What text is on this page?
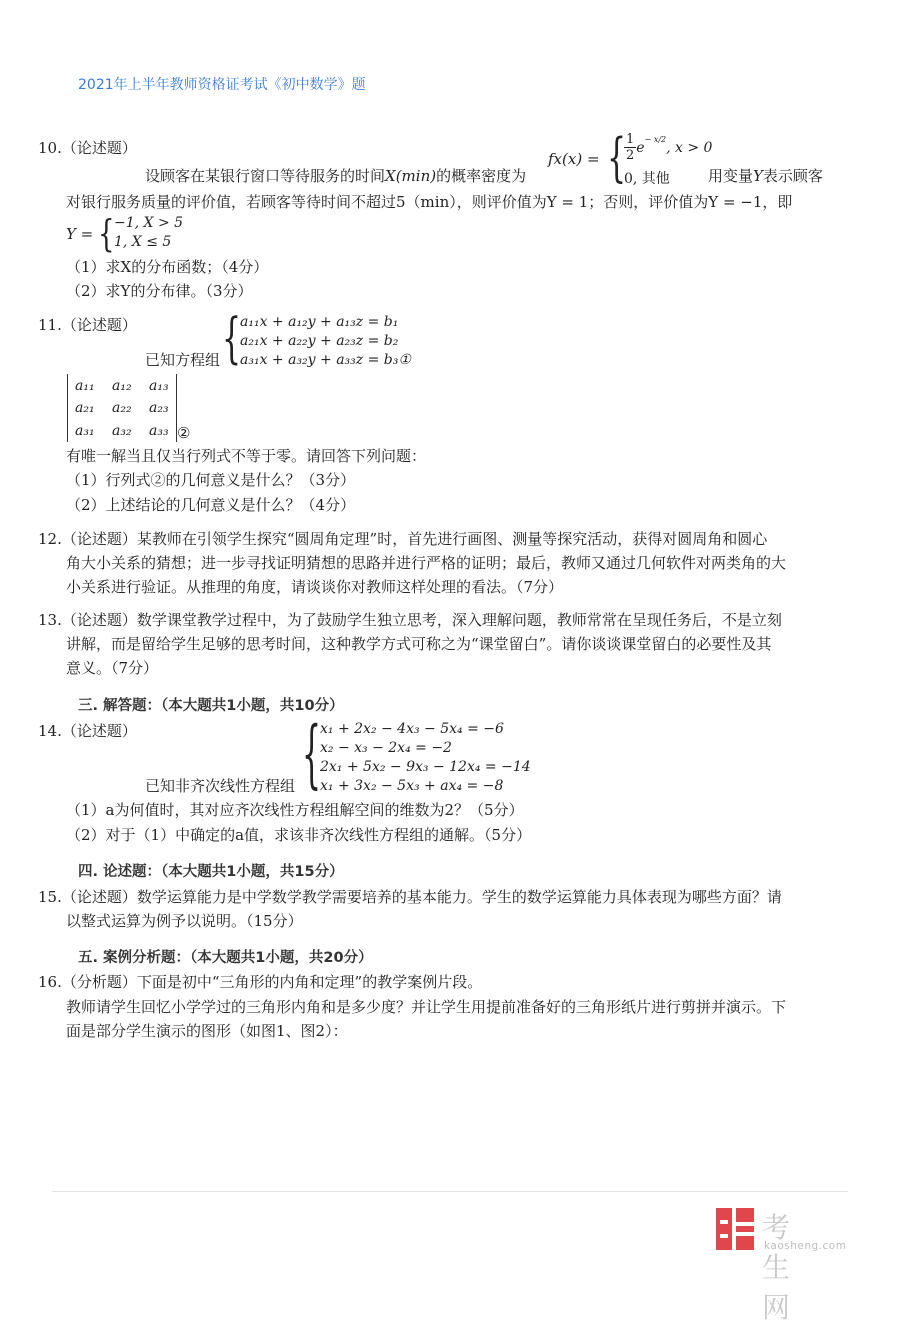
2021年上半年教师资格证考试《初中数学》题
10.（论述题）
设顾客在某银行窗口等待服务的时间X(min)的概率密度为
fx(x) = {
$\frac{1}{2} e^{- x/2}$, x > 0
0, 其他	用变量Y表示顾客
对银行服务质量的评价值，若顾客等待时间不超过5（min），则评价值为Y = 1；否则，评价值为Y = −1，即
Y = { −1, X > 5
1, X ≤ 5
（1）求X的分布函数；（4分）
（2）求Y的分布律。（3分）
11.（论述题）	{
a₁₁x + a₁₂y + a₁₃z = b₁
a₂₁x + a₂₂y + a₂₃z = b₂
a₃₁x + a₃₂y + a₃₃z = b₃①
已知方程组
a₁₁ a₁₂ a₁₃
a₂₁ a₂₂ a₂₃
a₃₁ a₃₂ a₃₃ ②
有唯一解当且仅当行列式不等于零。请回答下列问题：
（1）行列式②的几何意义是什么？（3分）
（2）上述结论的几何意义是什么？（4分）
12.（论述题）某教师在引领学生探究“圆周角定理”时，首先进行画图、测量等探究活动，获得对圆周角和圆心
角大小关系的猜想；进一步寻找证明猜想的思路并进行严格的证明；最后，教师又通过几何软件对两类角的大
小关系进行验证。从推理的角度，请谈谈你对教师这样处理的看法。（7分）
13.（论述题）数学课堂教学过程中，为了鼓励学生独立思考，深入理解问题，教师常常在呈现任务后，不是立刻
讲解，而是留给学生足够的思考时间，这种教学方式可称之为“课堂留白”。请你谈谈课堂留白的必要性及其
意义。（7分）
三. 解答题：（本大题共1小题，共10分）
14.（论述题）	{
x₁ + 2x₂ − 4x₃ − 5x₄ = −6
x₂ − x₃ − 2x₄ = −2
2x₁ + 5x₂ − 9x₃ − 12x₄ = −14
x₁ + 3x₂ − 5x₃ + ax₄ = −8
已知非齐次线性方程组
（1）a为何值时，其对应齐次线性方程组解空间的维数为2？（5分）
（2）对于（1）中确定的a值，求该非齐次线性方程组的通解。（5分）
四. 论述题：（本大题共1小题，共15分）
15.（论述题）数学运算能力是中学数学教学需要培养的基本能力。学生的数学运算能力具体表现为哪些方面？请
以整式运算为例予以说明。（15分）
五. 案例分析题：（本大题共1小题，共20分）
16.（分析题）下面是初中“三角形的内角和定理”的教学案例片段。
教师请学生回忆小学学过的三角形内角和是多少度？并让学生用提前准备好的三角形纸片进行剪拼并演示。下
面是部分学生演示的图形（如图1、图2）：
考生网
kaosheng.com
